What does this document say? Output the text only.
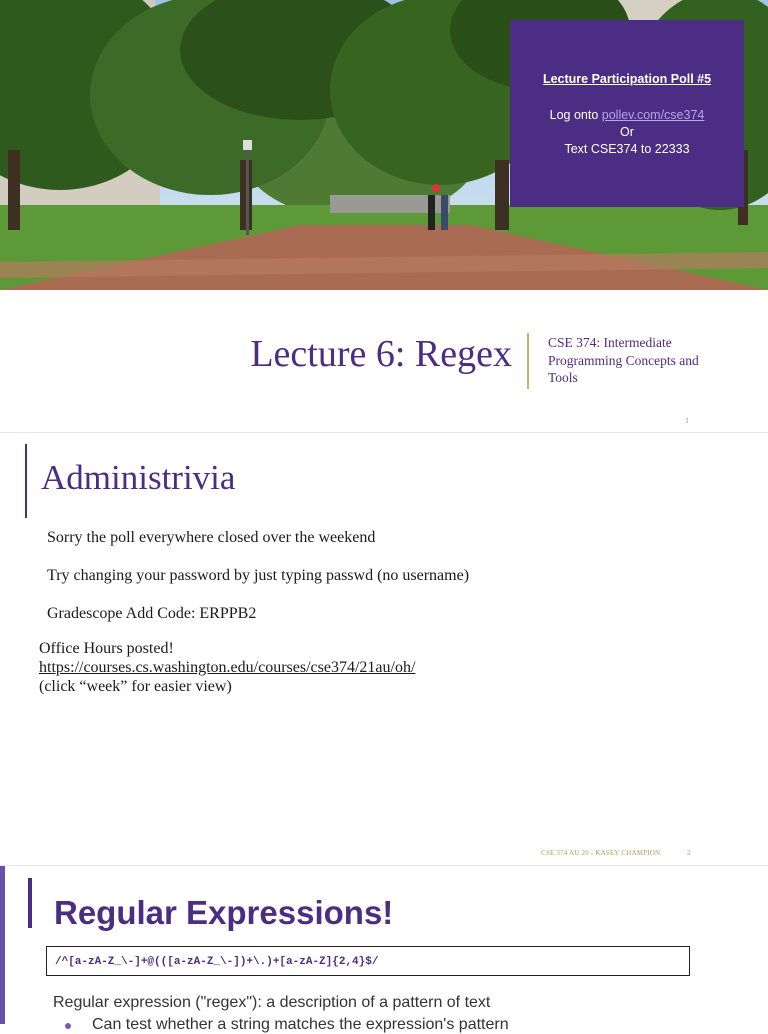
Lecture Participation Poll #5
Log onto pollev.com/cse374
Or
Text CSE374 to 22333
Lecture 6: Regex	CSE 374: Intermediate Programming Concepts and Tools
1
Administrivia
Sorry the poll everywhere closed over the weekend
Try changing your password by just typing passwd (no username)
Gradescope Add Code: ERPPB2
Office Hours posted!
https://courses.cs.washington.edu/courses/cse374/21au/oh/
(click “week” for easier view)
CSE 374 AU 20 - KASEY CHAMPION	2
Regular Expressions!
/^[a-zA-Z_\-]+@(([a-zA-Z_\-])+\.)+[a-zA-Z]{2,4}$/
Regular expression ("regex"): a description of a pattern of text
Can test whether a string matches the expression's pattern
